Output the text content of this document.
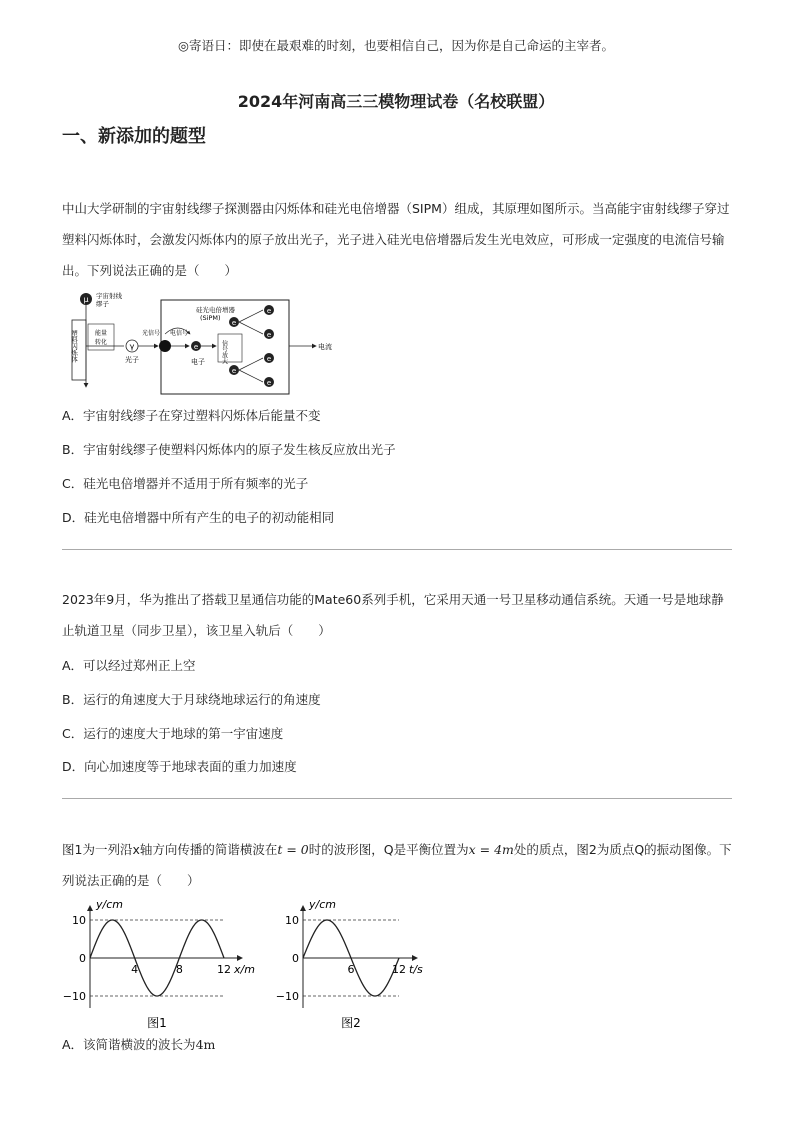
◎寄语日：即使在最艰难的时刻，也要相信自己，因为你是自己命运的主宰者。
2024年河南高三三模物理试卷（名校联盟）
一、新添加的题型
中山大学研制的宇宙射线缪子探测器由闪烁体和硅光电倍增器（SIPM）组成，其原理如图所示。当高能宇宙射线缪子穿过塑料闪烁体时，会激发闪烁体内的原子放出光子，光子进入硅光电倍增器后发生光电效应，可形成一定强度的电流信号输出。下列说法正确的是（　　）
μ 宇宙射线
缪子
塑料闪烁体	能量
转化	γ
光子
硅光电倍增器
(SiPM)
光信号 电信号
e
电子	信号放大
e
e
e
e
e
e
电流
A．宇宙射线缪子在穿过塑料闪烁体后能量不变
B．宇宙射线缪子使塑料闪烁体内的原子发生核反应放出光子
C．硅光电倍增器并不适用于所有频率的光子
D．硅光电倍增器中所有产生的电子的初动能相同
2023年9月，华为推出了搭载卫星通信功能的Mate60系列手机，它采用天通一号卫星移动通信系统。天通一号是地球静止轨道卫星（同步卫星），该卫星入轨后（　　）
A．可以经过郑州正上空
B．运行的角速度大于月球绕地球运行的角速度
C．运行的速度大于地球的第一宇宙速度
D．向心加速度等于地球表面的重力加速度
图1为一列沿x轴方向传播的简谐横波在t = 0时的波形图，Q是平衡位置为x = 4m处的质点，图2为质点Q的振动图像。下列说法正确的是（　　）
10
0
−10
4	8	12
y/cm
x/m
图1
10
0
−10
6	12
y/cm
t/s
图2
A．该简谐横波的波长为4m
